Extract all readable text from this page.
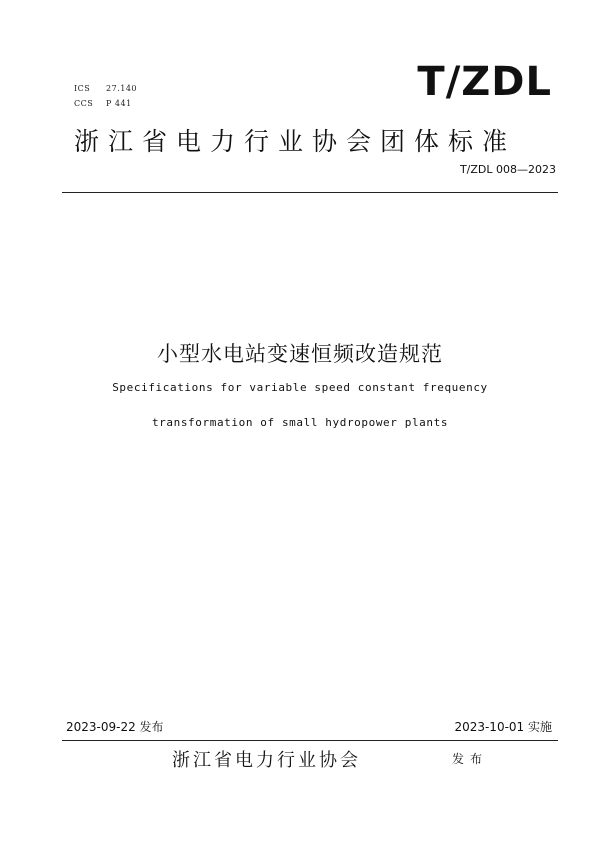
ICS 27.140
CCS P 441	T/ZDL
浙江省电力行业协会团体标准
T/ZDL 008—2023
小型水电站变速恒频改造规范
Specifications for variable speed constant frequency
transformation of small hydropower plants
2023-09-22 发布	2023-10-01 实施
浙江省电力行业协会	发布
